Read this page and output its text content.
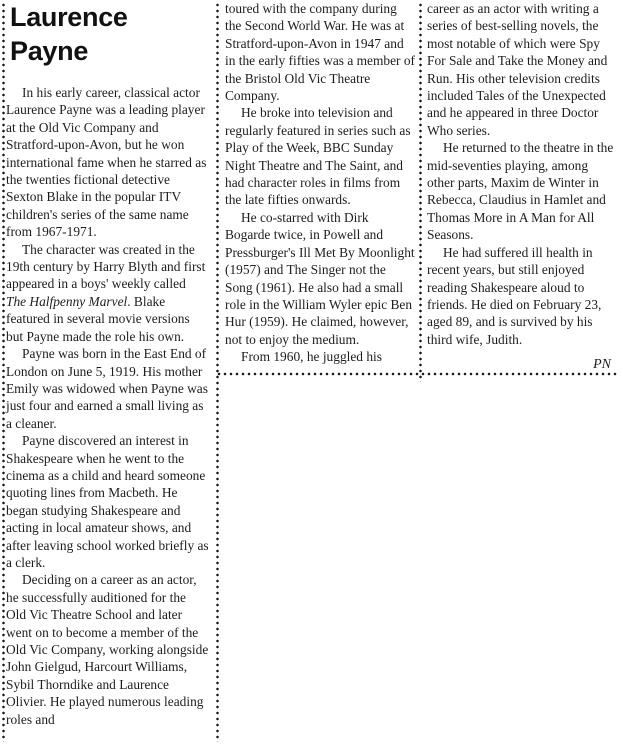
Laurence Payne

In his early career, classical actor Laurence Payne was a leading player at the Old Vic Company and Stratford-upon-Avon, but he won international fame when he starred as the twenties fictional detective Sexton Blake in the popular ITV children's series of the same name from 1967-1971.

The character was created in the 19th century by Harry Blyth and first appeared in a boys' weekly called The Halfpenny Marvel. Blake featured in several movie versions but Payne made the role his own.

Payne was born in the East End of London on June 5, 1919. His mother Emily was widowed when Payne was just four and earned a small living as a cleaner.

Payne discovered an interest in Shakespeare when he went to the cinema as a child and heard someone quoting lines from Macbeth. He began studying Shakespeare and acting in local amateur shows, and after leaving school worked briefly as a clerk.

Deciding on a career as an actor, he successfully auditioned for the Old Vic Theatre School and later went on to become a member of the Old Vic Company, working alongside John Gielgud, Harcourt Williams, Sybil Thorndike and Laurence Olivier. He played numerous leading roles and

toured with the company during the Second World War. He was at Stratford-upon-Avon in 1947 and in the early fifties was a member of the Bristol Old Vic Theatre Company.

He broke into television and regularly featured in series such as Play of the Week, BBC Sunday Night Theatre and The Saint, and had character roles in films from the late fifties onwards.

He co-starred with Dirk Bogarde twice, in Powell and Pressburger's Ill Met By Moonlight (1957) and The Singer not the Song (1961). He also had a small role in the William Wyler epic Ben Hur (1959). He claimed, however, not to enjoy the medium.

From 1960, he juggled his

career as an actor with writing a series of best-selling novels, the most notable of which were Spy For Sale and Take the Money and Run. His other television credits included Tales of the Unexpected and he appeared in three Doctor Who series.

He returned to the theatre in the mid-seventies playing, among other parts, Maxim de Winter in Rebecca, Claudius in Hamlet and Thomas More in A Man for All Seasons.

He had suffered ill health in recent years, but still enjoyed reading Shakespeare aloud to friends. He died on February 23, aged 89, and is survived by his third wife, Judith.

PN
